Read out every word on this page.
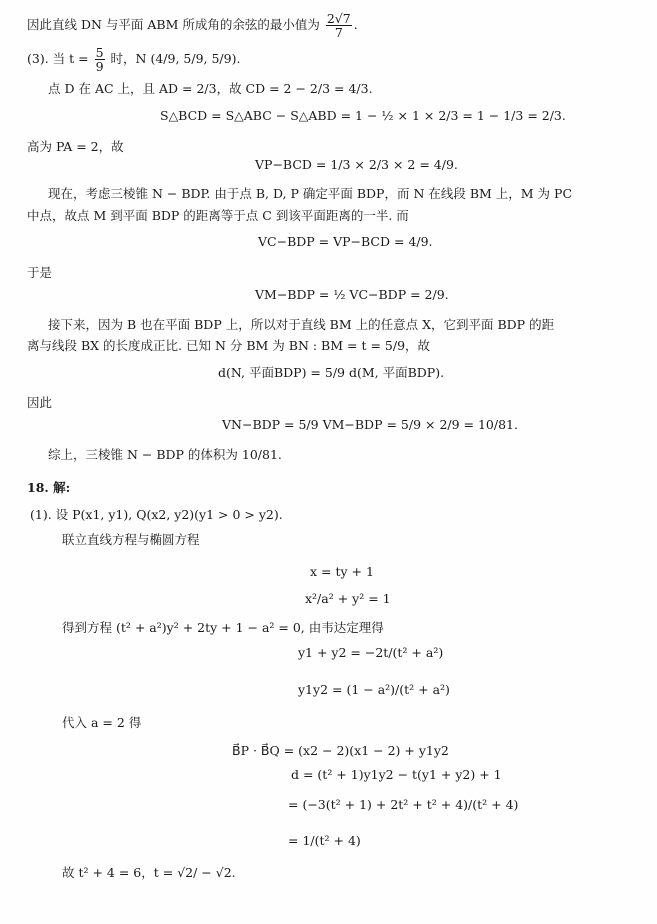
因此直线 DN 与平面 ABM 所成角的余弦的最小值为 $\frac{2√7}{7}$ .
(3). 当 $t = \frac{5}{9}$ 时，N (4/9, 5/9, 5/9).
点 D 在 AC 上，且 AD = 2/3，故 CD = 2 − 2/3 = 4/3.
S△BCD = S△ABC − S△ABD = 1 − ½ × 1 × 2/3 = 1 − 1/3 = 2/3.
高为 PA = 2，故
VP−BCD = 1/3 × 2/3 × 2 = 4/9.
现在，考虑三棱锥 N − BDP. 由于点 B, D, P 确定平面 BDP，而 N 在线段 BM 上，M 为 PC
中点，故点 M 到平面 BDP 的距离等于点 C 到该平面距离的一半. 而
VC−BDP = VP−BCD = 4/9.
于是
VM−BDP = ½ VC−BDP = 2/9.
接下来，因为 B 也在平面 BDP 上，所以对于直线 BM 上的任意点 X，它到平面 BDP 的距
离与线段 BX 的长度成正比. 已知 N 分 BM 为 BN : BM = t = 5/9，故
d(N, 平面BDP) = 5/9 d(M, 平面BDP).
因此
VN−BDP = 5/9 VM−BDP = 5/9 × 2/9 = 10/81.
综上，三棱锥 N − BDP 的体积为 10/81.
18. 解:
(1). 设 P(x1, y1), Q(x2, y2)(y1 > 0 > y2).
联立直线方程与椭圆方程
x = ty + 1
x²/a² + y² = 1
得到方程 (t² + a²)y² + 2ty + 1 − a² = 0, 由韦达定理得
y1 + y2 = −2t/(t² + a²)
y1y2 = (1 − a²)/(t² + a²)
代入 a = 2 得
B⃗P · B⃗Q = (x2 − 2)(x1 − 2) + y1y2
d = (t² + 1)y1y2 − t(y1 + y2) + 1
= (−3(t² + 1) + 2t² + t² + 4)/(t² + 4)
= 1/(t² + 4)
故 t² + 4 = 6，t = √2/ − √2.
